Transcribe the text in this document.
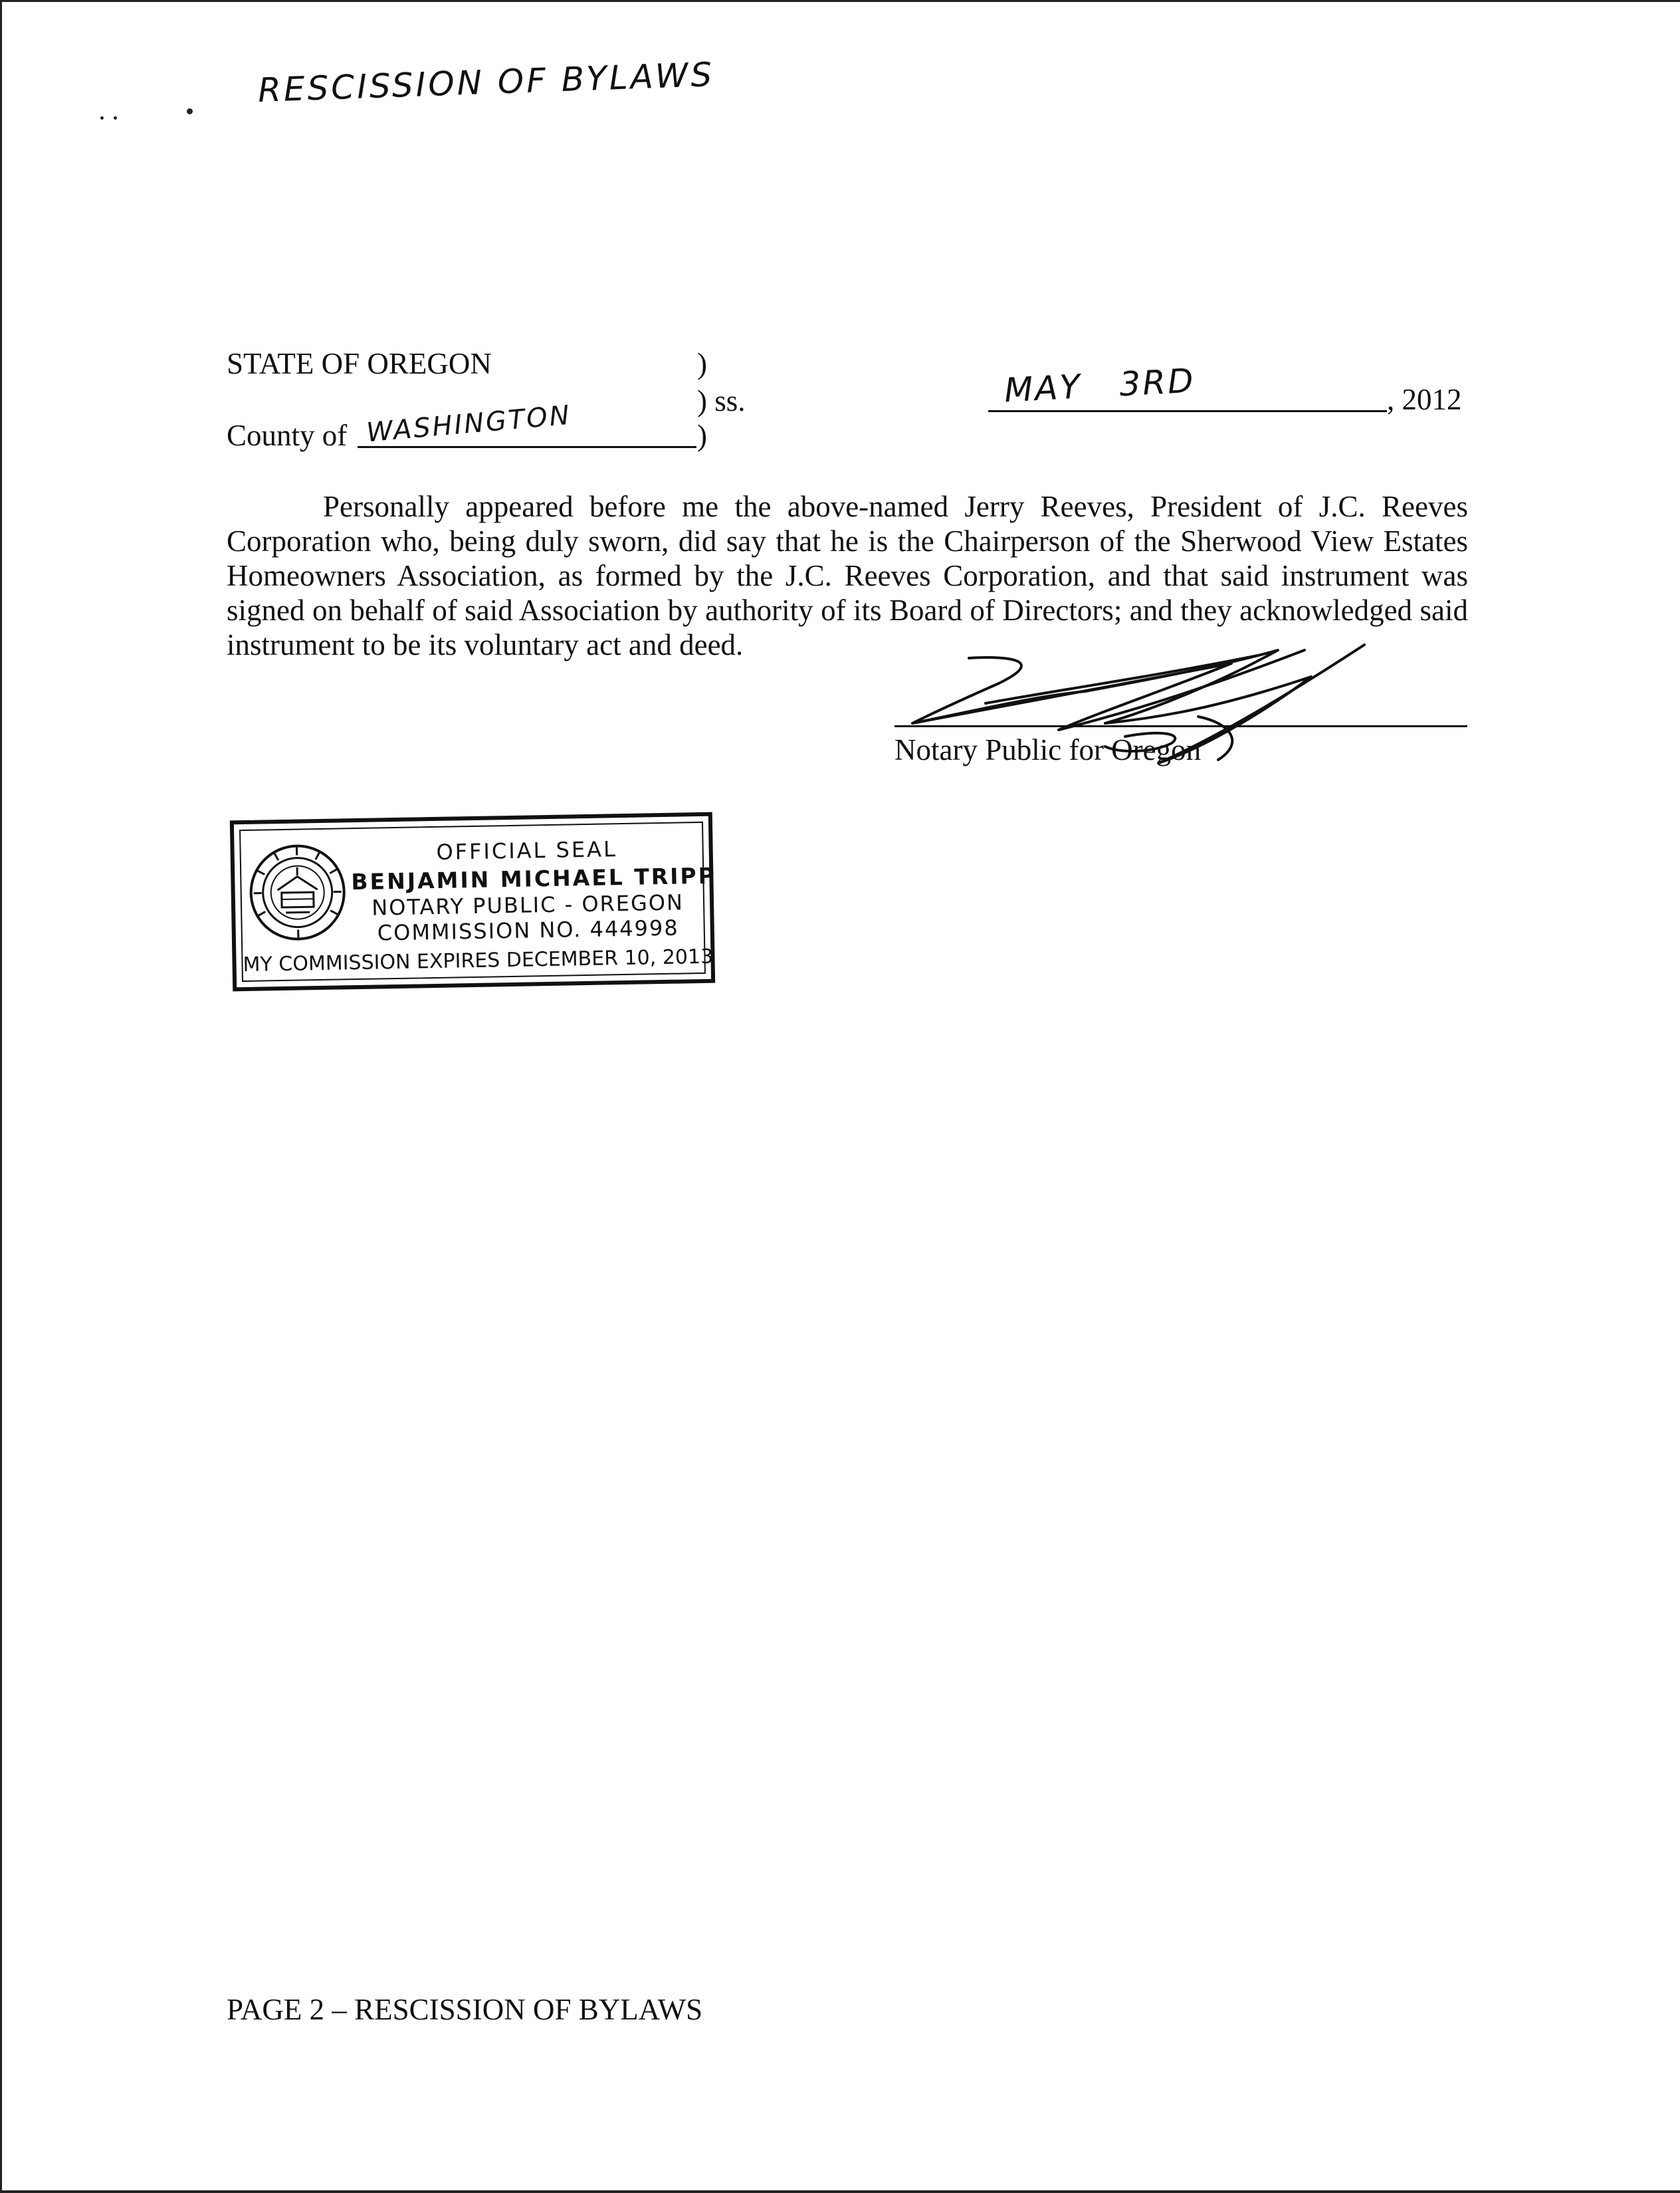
RESCISSION OF BYLAWS
STATE OF OREGON	)
) ss.
County of WASHINGTON	)
MAY   3RD	, 2012

Personally appeared before me the above-named Jerry Reeves, President of J.C. Reeves Corporation who, being duly sworn, did say that he is the Chairperson of the Sherwood View Estates Homeowners Association, as formed by the J.C. Reeves Corporation, and that said instrument was signed on behalf of said Association by authority of its Board of Directors; and they acknowledged said instrument to be its voluntary act and deed.

Notary Public for Oregon
OFFICIAL SEAL
BENJAMIN MICHAEL TRIPP
NOTARY PUBLIC - OREGON
COMMISSION NO. 444998
MY COMMISSION EXPIRES DECEMBER 10, 2013
PAGE 2 – RESCISSION OF BYLAWS
